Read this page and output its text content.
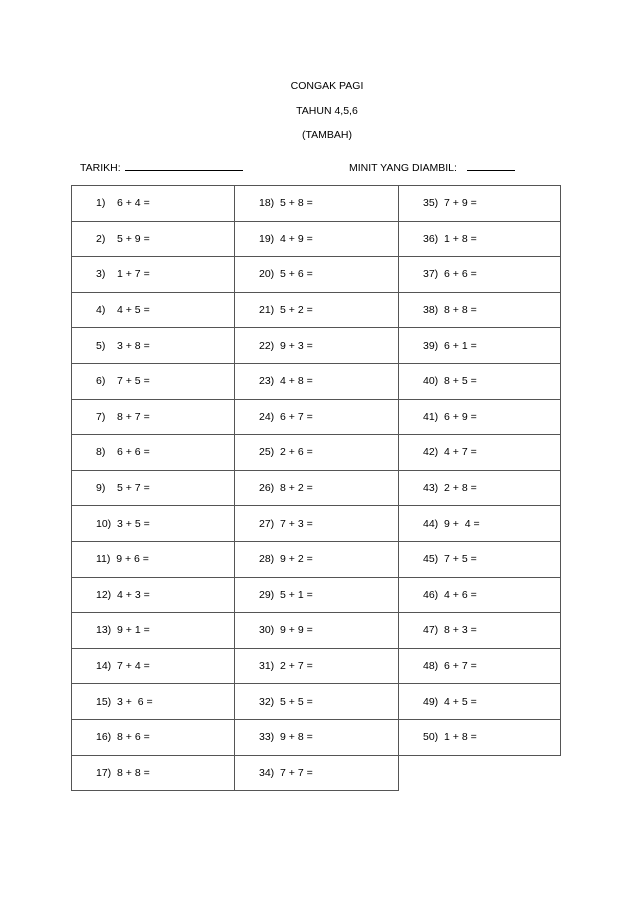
CONGAK PAGI
TAHUN 4,5,6
(TAMBAH)
TARIKH:	MINIT YANG DIAMBIL:
1)    6 + 4 =	18)  5 + 8 =	35)  7 + 9 =
2)    5 + 9 =	19)  4 + 9 =	36)  1 + 8 =
3)    1 + 7 =	20)  5 + 6 =	37)  6 + 6 =
4)    4 + 5 =	21)  5 + 2 =	38)  8 + 8 =
5)    3 + 8 =	22)  9 + 3 =	39)  6 + 1 =
6)    7 + 5 =	23)  4 + 8 =	40)  8 + 5 =
7)    8 + 7 =	24)  6 + 7 =	41)  6 + 9 =
8)    6 + 6 =	25)  2 + 6 =	42)  4 + 7 =
9)    5 + 7 =	26)  8 + 2 =	43)  2 + 8 =
10)  3 + 5 =	27)  7 + 3 =	44)  9 +  4 =
11)  9 + 6 =	28)  9 + 2 =	45)  7 + 5 =
12)  4 + 3 =	29)  5 + 1 =	46)  4 + 6 =
13)  9 + 1 =	30)  9 + 9 =	47)  8 + 3 =
14)  7 + 4 =	31)  2 + 7 =	48)  6 + 7 =
15)  3 +  6 =	32)  5 + 5 =	49)  4 + 5 =
16)  8 + 6 =	33)  9 + 8 =	50)  1 + 8 =
17)  8 + 8 =	34)  7 + 7 =	
